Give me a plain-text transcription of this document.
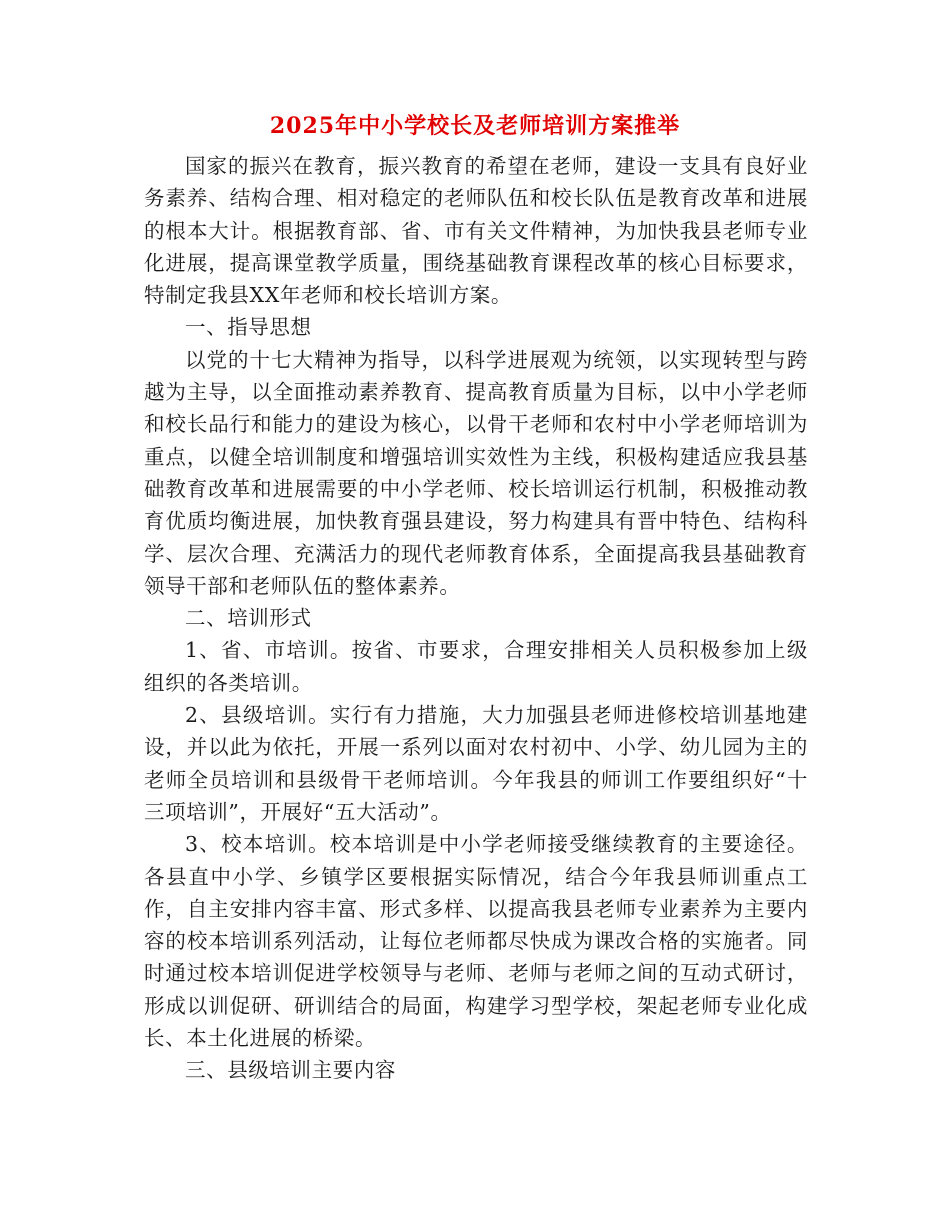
2025年中小学校长及老师培训方案推举

国家的振兴在教育，振兴教育的希望在老师，建设一支具有良好业务素养、结构合理、相对稳定的老师队伍和校长队伍是教育改革和进展的根本大计。根据教育部、省、市有关文件精神，为加快我县老师专业化进展，提高课堂教学质量，围绕基础教育课程改革的核心目标要求，特制定我县XX年老师和校长培训方案。

一、指导思想

以党的十七大精神为指导，以科学进展观为统领，以实现转型与跨越为主导，以全面推动素养教育、提高教育质量为目标，以中小学老师和校长品行和能力的建设为核心，以骨干老师和农村中小学老师培训为重点，以健全培训制度和增强培训实效性为主线，积极构建适应我县基础教育改革和进展需要的中小学老师、校长培训运行机制，积极推动教育优质均衡进展，加快教育强县建设，努力构建具有晋中特色、结构科学、层次合理、充满活力的现代老师教育体系，全面提高我县基础教育领导干部和老师队伍的整体素养。

二、培训形式

1、省、市培训。按省、市要求，合理安排相关人员积极参加上级组织的各类培训。

2、县级培训。实行有力措施，大力加强县老师进修校培训基地建设，并以此为依托，开展一系列以面对农村初中、小学、幼儿园为主的老师全员培训和县级骨干老师培训。今年我县的师训工作要组织好“十三项培训”，开展好“五大活动”。

3、校本培训。校本培训是中小学老师接受继续教育的主要途径。各县直中小学、乡镇学区要根据实际情况，结合今年我县师训重点工作，自主安排内容丰富、形式多样、以提高我县老师专业素养为主要内容的校本培训系列活动，让每位老师都尽快成为课改合格的实施者。同时通过校本培训促进学校领导与老师、老师与老师之间的互动式研讨，形成以训促研、研训结合的局面，构建学习型学校，架起老师专业化成长、本土化进展的桥梁。

三、县级培训主要内容
